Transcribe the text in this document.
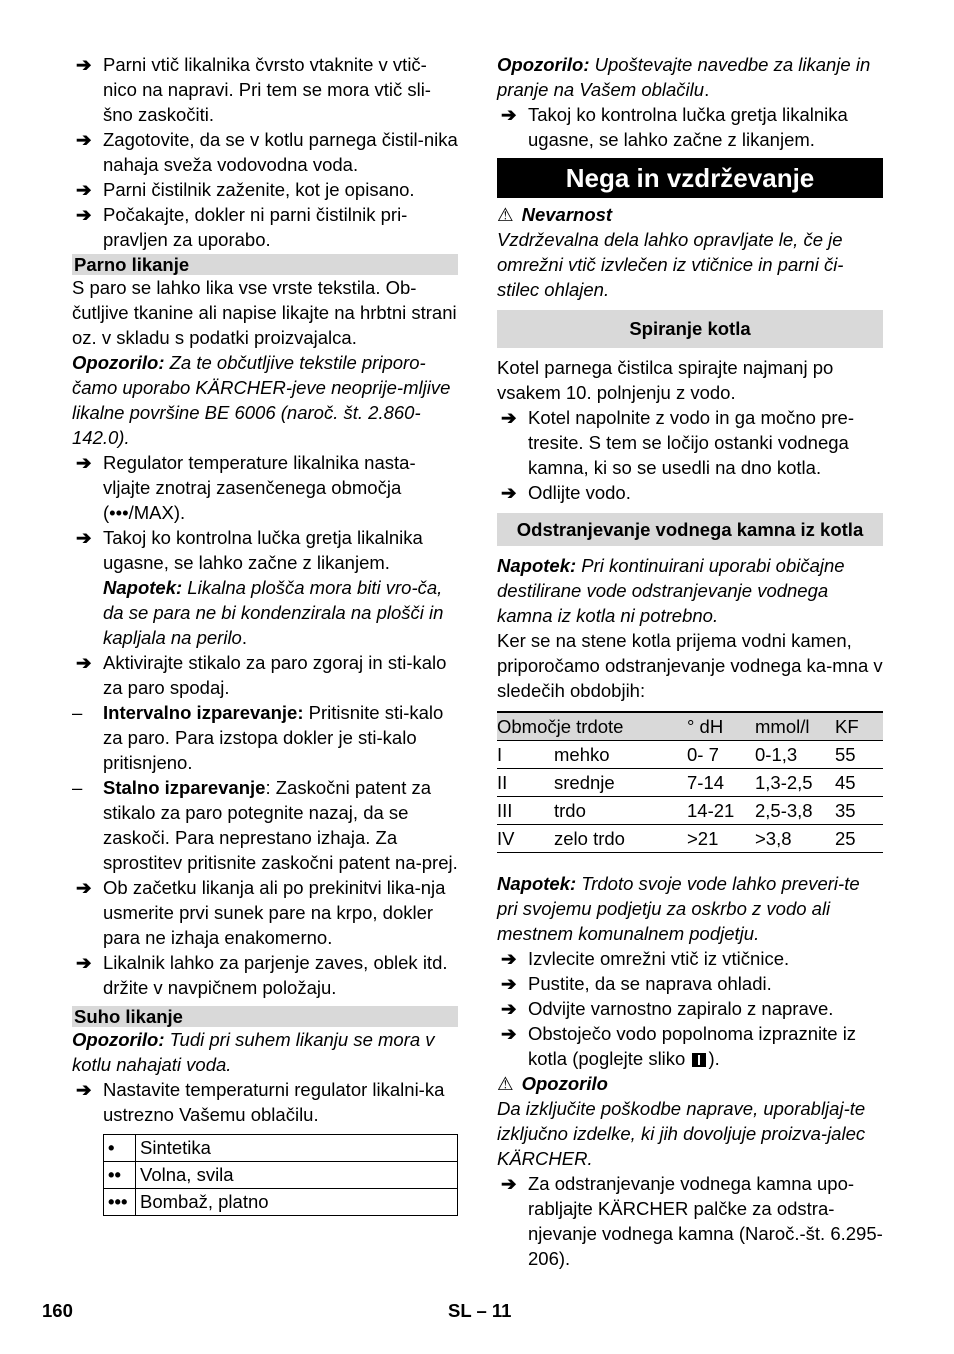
➔ Parni vtič likalnika čvrsto vtaknite v vtič-nico na napravi. Pri tem se mora vtič sli-šno zaskočiti.
➔ Zagotovite, da se v kotlu parnega čistil-nika nahaja sveža vodovodna voda.
➔ Parni čistilnik zaženite, kot je opisano.
➔ Počakajte, dokler ni parni čistilnik pri-pravljen za uporabo.

Parno likanje

S paro se lahko lika vse vrste tekstila. Ob-čutljive tkanine ali napise likajte na hrbtni strani oz. v skladu s podatki proizvajalca.

Opozorilo: Za te občutljive tekstile priporo-čamo uporabo KÄRCHER-jeve neoprije-mljive likalne površine BE 6006 (naroč. št. 2.860-142.0).

➔ Regulator temperature likalnika nasta-vljajte znotraj zasenčenega območja (•••/MAX).
➔ Takoj ko kontrolna lučka gretja likalnika ugasne, se lahko začne z likanjem.

Napotek: Likalna plošča mora biti vro-ča, da se para ne bi kondenzirala na plošči in kapljala na perilo.

➔ Aktivirajte stikalo za paro zgoraj in sti-kalo za paro spodaj.
– Intervalno izparevanje: Pritisnite sti-kalo za paro. Para izstopa dokler je sti-kalo pritisnjeno.
– Stalno izparevanje: Zaskočni patent za stikalo za paro potegnite nazaj, da se zaskoči. Para neprestano izhaja. Za sprostitev pritisnite zaskočni patent na-prej.
➔ Ob začetku likanja ali po prekinitvi lika-nja usmerite prvi sunek pare na krpo, dokler para ne izhaja enakomerno.
➔ Likalnik lahko za parjenje zaves, oblek itd. držite v navpičnem položaju.

Suho likanje

Opozorilo: Tudi pri suhem likanju se mora v kotlu nahajati voda.

➔ Nastavite temperaturni regulator likalni-ka ustrezno Vašemu oblačilu.
•	Sintetika
••	Volna, svila
•••	Bombaž, platno

Opozorilo: Upoštevajte navedbe za likanje in pranje na Vašem oblačilu.

➔ Takoj ko kontrolna lučka gretja likalnika ugasne, se lahko začne z likanjem.
Nega in vzdrževanje

⚠ Nevarnost

Vzdrževalna dela lahko opravljate le, če je omrežni vtič izvlečen iz vtičnice in parni či-stilec ohlajen.

Spiranje kotla

Kotel parnega čistilca spirajte najmanj po vsakem 10. polnjenju z vodo.

➔ Kotel napolnite z vodo in ga močno pre-tresite. S tem se ločijo ostanki vodnega kamna, ki so se usedli na dno kotla.
➔ Odlijte vodo.
Odstranjevanje vodnega kamna iz kotla

Napotek: Pri kontinuirani uporabi običajne destilirane vode odstranjevanje vodnega kamna iz kotla ni potrebno.

Ker se na stene kotla prijema vodni kamen, priporočamo odstranjevanje vodnega ka-mna v sledečih obdobjih:

Območje trdote		° dH	mmol/l	KF
I	mehko	0- 7	0-1,3	55
II	srednje	7-14	1,3-2,5	45
III	trdo	14-21	2,5-3,8	35
IV	zelo trdo	>21	>3,8	25

Napotek: Trdoto svoje vode lahko preveri-te pri svojemu podjetju za oskrbo z vodo ali mestnem komunalnem podjetju.

➔ Izvlecite omrežni vtič iz vtičnice.
➔ Pustite, da se naprava ohladi.
➔ Odvijte varnostno zapiralo z naprave.
➔ Obstoječo vodo popolnoma izpraznite iz kotla (poglejte sliko ).

⚠ Opozorilo

Da izključite poškodbe naprave, uporabljaj-te izključno izdelke, ki jih dovoljuje proizva-jalec KÄRCHER.

➔ Za odstranjevanje vodnega kamna upo-rabljajte KÄRCHER palčke za odstra-njevanje vodnega kamna (Naroč.-št. 6.295-206).
160	SL – 11
